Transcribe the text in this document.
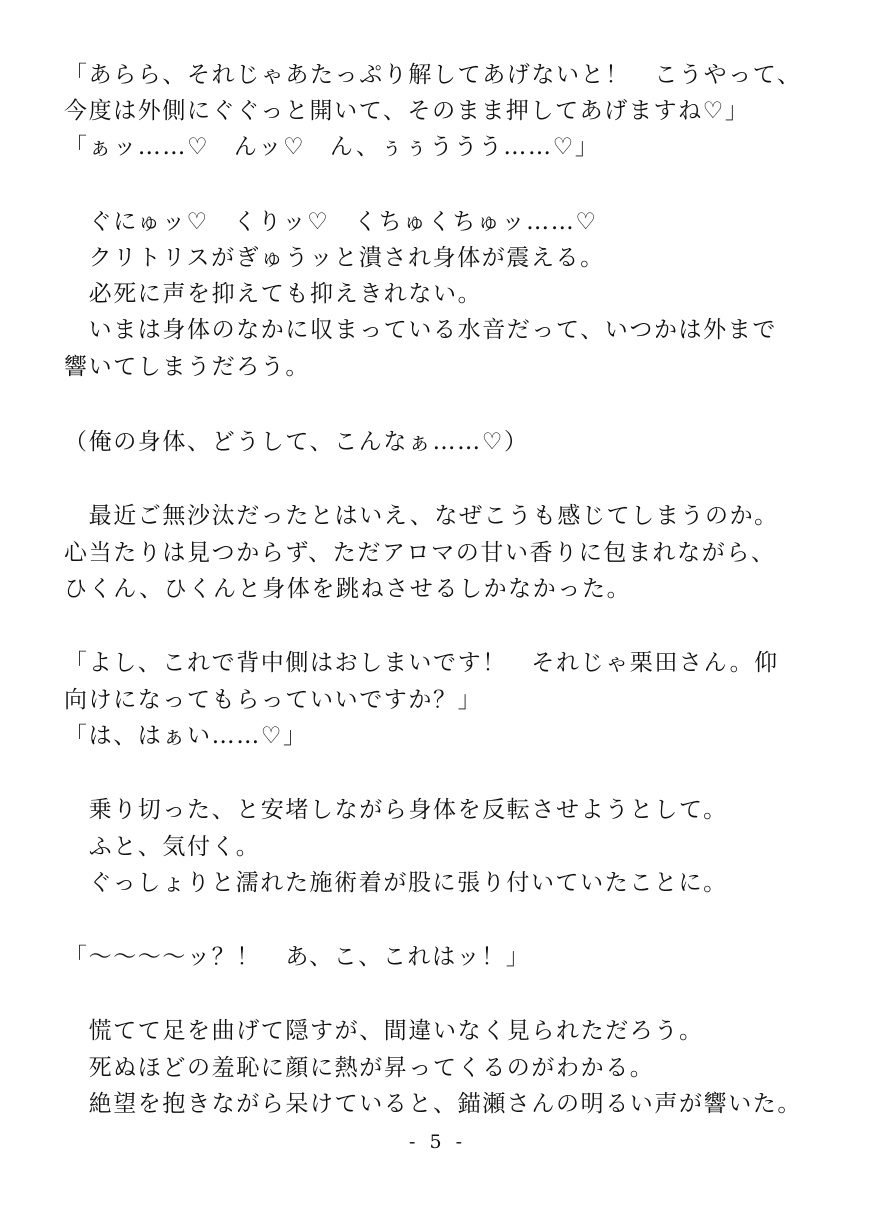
「あらら、それじゃあたっぷり解してあげないと！　こうやって、
今度は外側にぐぐっと開いて、そのまま押してあげますね♡」
「ぁッ……♡　んッ♡　ん、ぅぅううう……♡」
　ぐにゅッ♡　くりッ♡　くちゅくちゅッ……♡
　クリトリスがぎゅうッと潰され身体が震える。
　必死に声を抑えても抑えきれない。
　いまは身体のなかに収まっている水音だって、いつかは外まで
響いてしまうだろう。
（俺の身体、どうして、こんなぁ……♡）
　最近ご無沙汰だったとはいえ、なぜこうも感じてしまうのか。
心当たりは見つからず、ただアロマの甘い香りに包まれながら、
ひくん、ひくんと身体を跳ねさせるしかなかった。
「よし、これで背中側はおしまいです！　それじゃ栗田さん。仰
向けになってもらっていいですか？」
「は、はぁい……♡」
　乗り切った、と安堵しながら身体を反転させようとして。
　ふと、気付く。
　ぐっしょりと濡れた施術着が股に張り付いていたことに。
「～～～～ッ？！　あ、こ、これはッ！」
　慌てて足を曲げて隠すが、間違いなく見られただろう。
　死ぬほどの羞恥に顔に熱が昇ってくるのがわかる。
　絶望を抱きながら呆けていると、錨瀬さんの明るい声が響いた。
- 5 -
